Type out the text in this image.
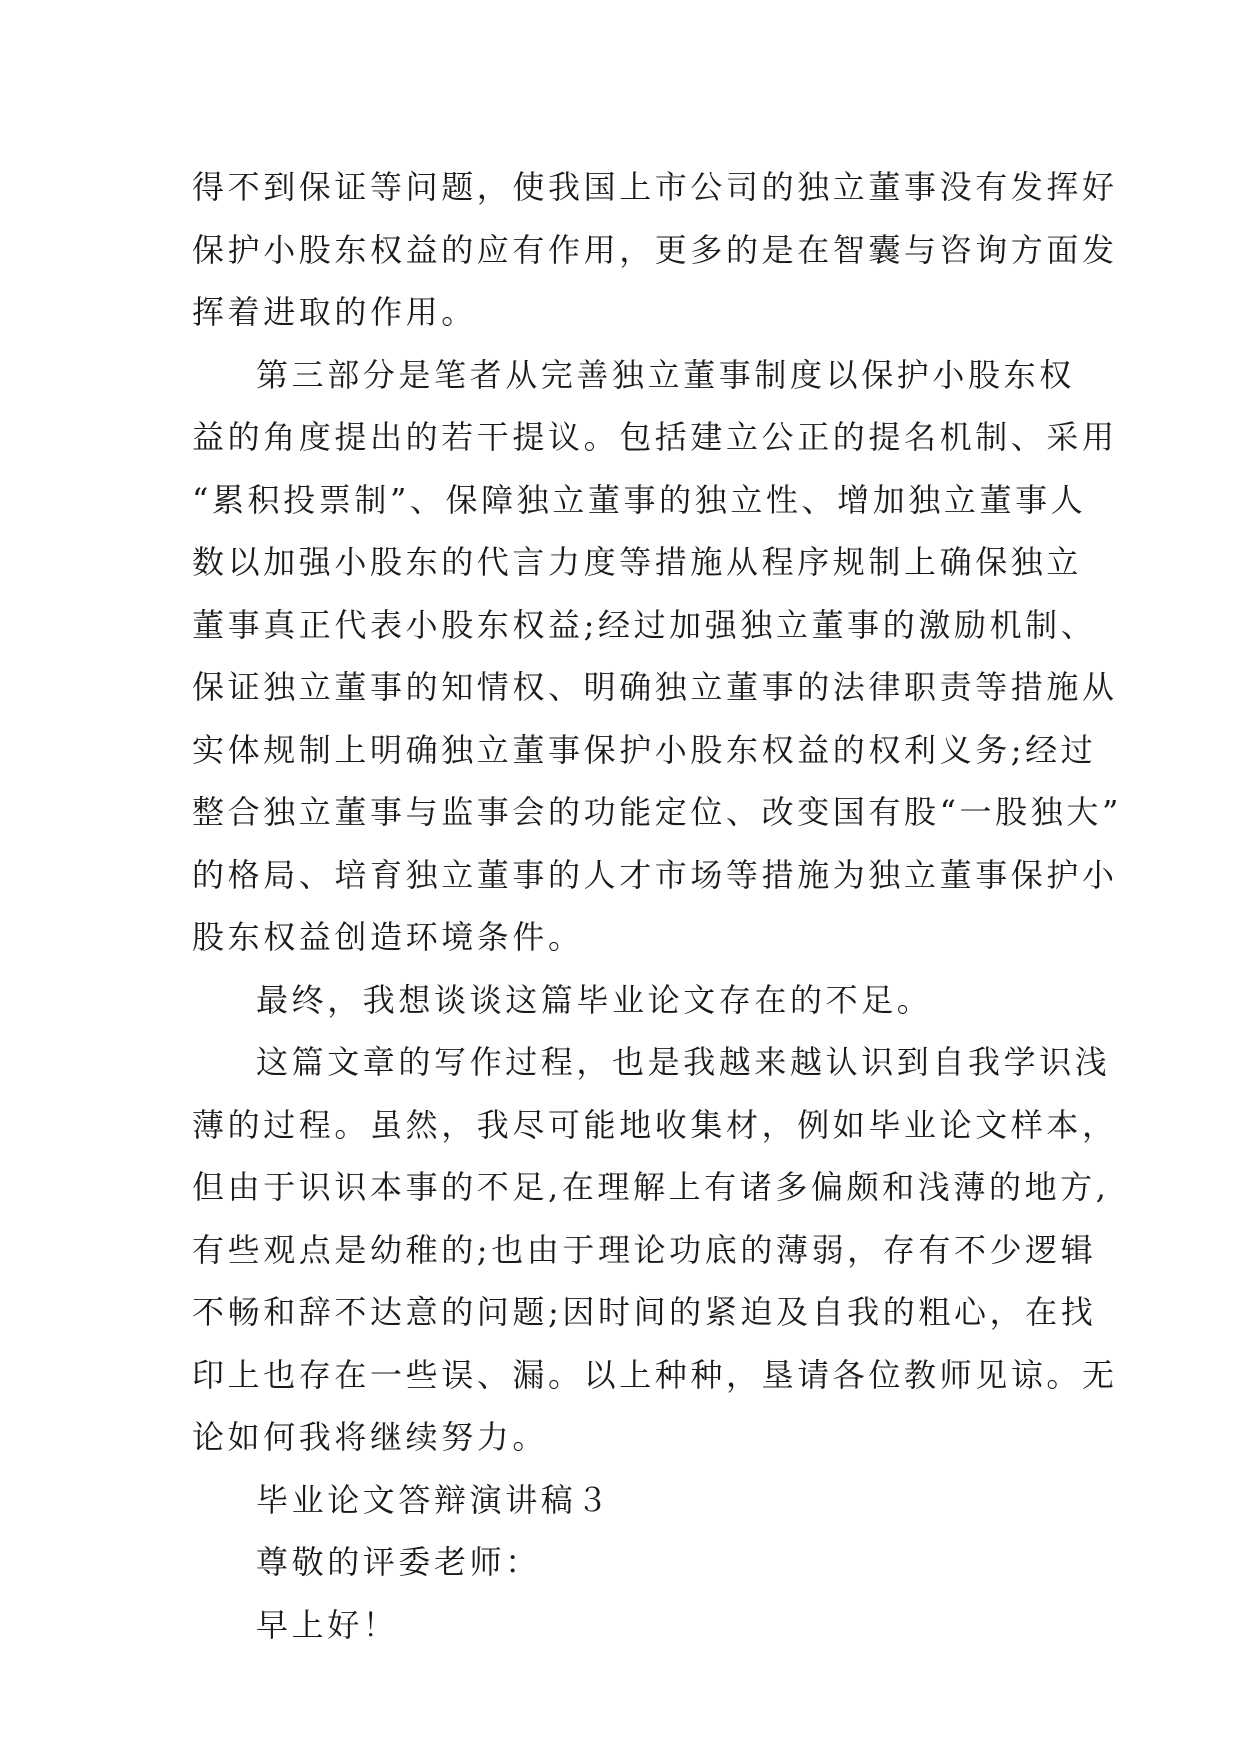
得不到保证等问题，使我国上市公司的独立董事没有发挥好
保护小股东权益的应有作用，更多的是在智囊与咨询方面发
挥着进取的作用。
第三部分是笔者从完善独立董事制度以保护小股东权
益的角度提出的若干提议。包括建立公正的提名机制、采用
“累积投票制”、保障独立董事的独立性、增加独立董事人
数以加强小股东的代言力度等措施从程序规制上确保独立
董事真正代表小股东权益;经过加强独立董事的激励机制、
保证独立董事的知情权、明确独立董事的法律职责等措施从
实体规制上明确独立董事保护小股东权益的权利义务;经过
整合独立董事与监事会的功能定位、改变国有股“一股独大”
的格局、培育独立董事的人才市场等措施为独立董事保护小
股东权益创造环境条件。
最终，我想谈谈这篇毕业论文存在的不足。
这篇文章的写作过程，也是我越来越认识到自我学识浅
薄的过程。虽然，我尽可能地收集材，例如毕业论文样本，
但由于识识本事的不足,在理解上有诸多偏颇和浅薄的地方,
有些观点是幼稚的;也由于理论功底的薄弱，存有不少逻辑
不畅和辞不达意的问题;因时间的紧迫及自我的粗心，在找
印上也存在一些误、漏。以上种种，垦请各位教师见谅。无
论如何我将继续努力。
毕业论文答辩演讲稿３
尊敬的评委老师：
早上好！
